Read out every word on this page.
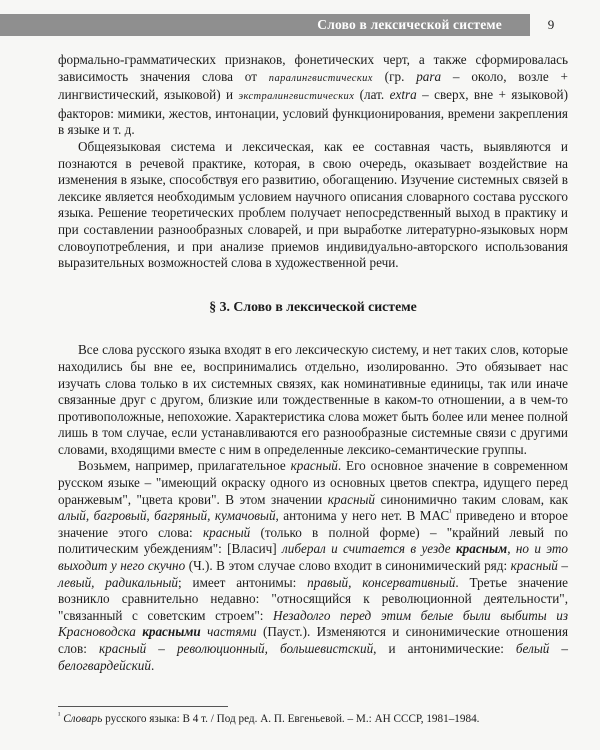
Слово в лексической системе	9

формально-грамматических признаков, фонетических черт, а также сформировалась зависимость значения слова от паралингвистических (гр. para – около, возле + лингвистический, языковой) и экстралингвистических (лат. extra – сверх, вне + языковой) факторов: мимики, жестов, интонации, условий функционирования, времени закрепления в языке и т. д.

Общеязыковая система и лексическая, как ее составная часть, выявляются и познаются в речевой практике, которая, в свою очередь, оказывает воздействие на изменения в языке, способствуя его развитию, обогащению. Изучение системных связей в лексике является необходимым условием научного описания словарного состава русского языка. Решение теоретических проблем получает непосредственный выход в практику и при составлении разнообразных словарей, и при выработке литературно-языковых норм словоупотребления, и при анализе приемов индивидуально-авторского использования выразительных возможностей слова в художественной речи.

§ 3. Слово в лексической системе

Все слова русского языка входят в его лексическую систему, и нет таких слов, которые находились бы вне ее, воспринимались отдельно, изолированно. Это обязывает нас изучать слова только в их системных связях, как номинативные единицы, так или иначе связанные друг с другом, близкие или тождественные в каком-то отношении, а в чем-то противоположные, непохожие. Характеристика слова может быть более или менее полной лишь в том случае, если устанавливаются его разнообразные системные связи с другими словами, входящими вместе с ним в определенные лексико-семантические группы.

Возьмем, например, прилагательное красный. Его основное значение в современном русском языке – "имеющий окраску одного из основных цветов спектра, идущего перед оранжевым", "цвета крови". В этом значении красный синонимично таким словам, как алый, багровый, багряный, кумачовый, антонима у него нет. В $МАС^{^1}$ приведено и второе значение этого слова: красный (только в полной форме) – "крайний левый по политическим убеждениям": [Власич] либерал и считается в уезде красным, но и это выходит у него скучно (Ч.). В этом случае слово входит в синонимический ряд: красный – левый, радикальный; имеет антонимы: правый, консервативный. Третье значение возникло сравнительно недавно: "относящийся к революционной деятельности", "связанный с советским строем": Незадолго перед этим белые были выбиты из Красноводска красными частями (Пауст.). Изменяются и синонимические отношения слов: красный – революционный, большевистский, и антонимические: белый – белогвардейский.

$^{^1}$ Словарь русского языка: В 4 т. / Под ред. А. П. Евгеньевой. – М.: АН СССР, 1981–1984.
